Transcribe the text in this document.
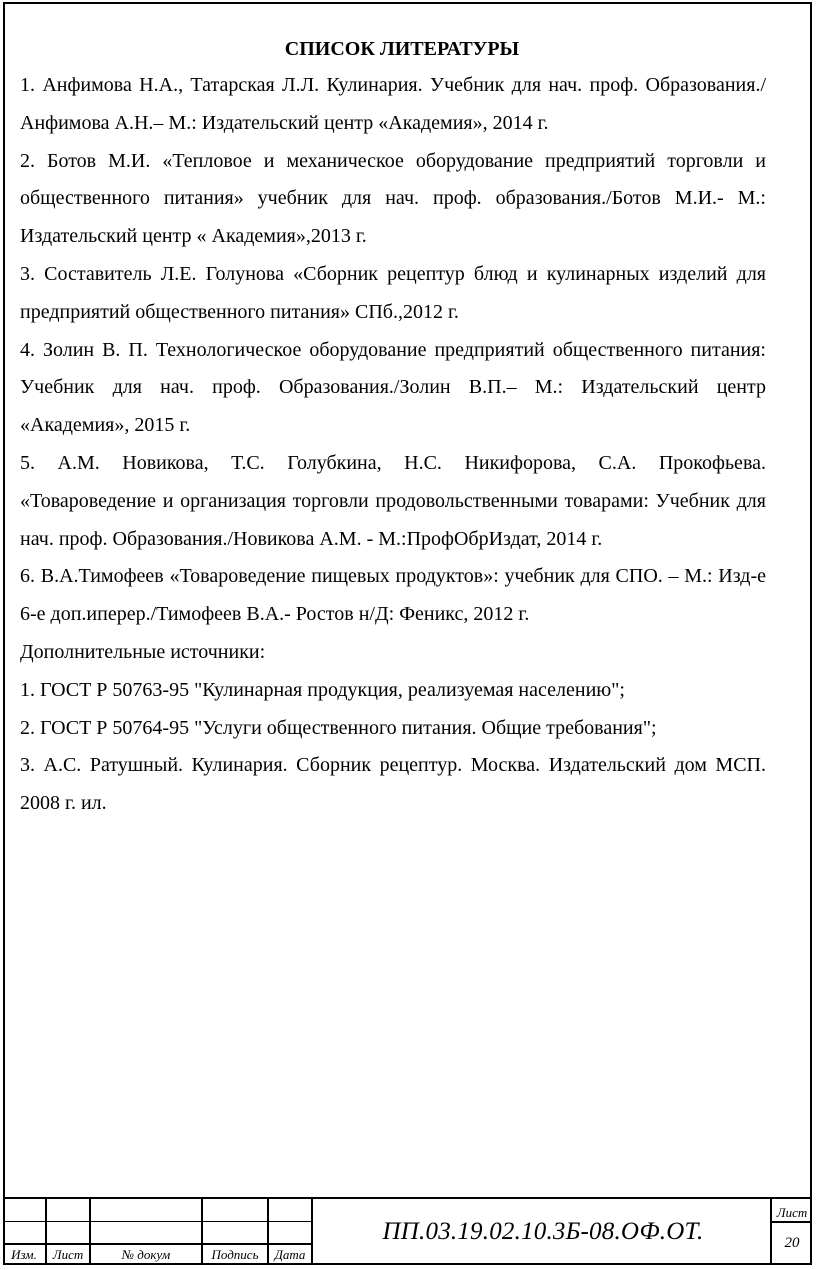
СПИСОК ЛИТЕРАТУРЫ

1. Анфимова Н.А., Татарская Л.Л. Кулинария. Учебник для нач. проф. Образования./Анфимова А.Н.– М.: Издательский центр «Академия», 2014 г.

2. Ботов М.И. «Тепловое и механическое оборудование предприятий торговли и общественного питания» учебник для нач. проф. образования./Ботов М.И.- М.: Издательский центр « Академия»,2013 г.

3. Составитель Л.Е. Голунова «Сборник рецептур блюд и кулинарных изделий для предприятий общественного питания» СПб.,2012 г.

4. Золин В. П. Технологическое оборудование предприятий общественного питания: Учебник для нач. проф. Образования./Золин В.П.– М.: Издательский центр «Академия», 2015 г.

5. А.М. Новикова, Т.С. Голубкина, Н.С. Никифорова, С.А. Прокофьева. «Товароведение и организация торговли продовольственными товарами: Учебник для нач. проф. Образования./Новикова А.М. - М.:ПрофОбрИздат, 2014 г.

6. В.А.Тимофеев «Товароведение пищевых продуктов»: учебник для СПО. – М.: Изд-е 6-е доп.иперер./Тимофеев В.А.- Ростов н/Д: Феникс, 2012 г.

Дополнительные источники:

1. ГОСТ Р 50763-95 "Кулинарная продукция, реализуемая населению";

2. ГОСТ Р 50764-95 "Услуги общественного питания. Общие требования";

3. А.С. Ратушный. Кулинария. Сборник рецептур. Москва. Издательский дом МСП. 2008 г. ил.

Изм.	Лист	№ докум	Подпись	Дата
ПП.03.19.02.10.3Б-08.ОФ.ОТ.
Лист
20
